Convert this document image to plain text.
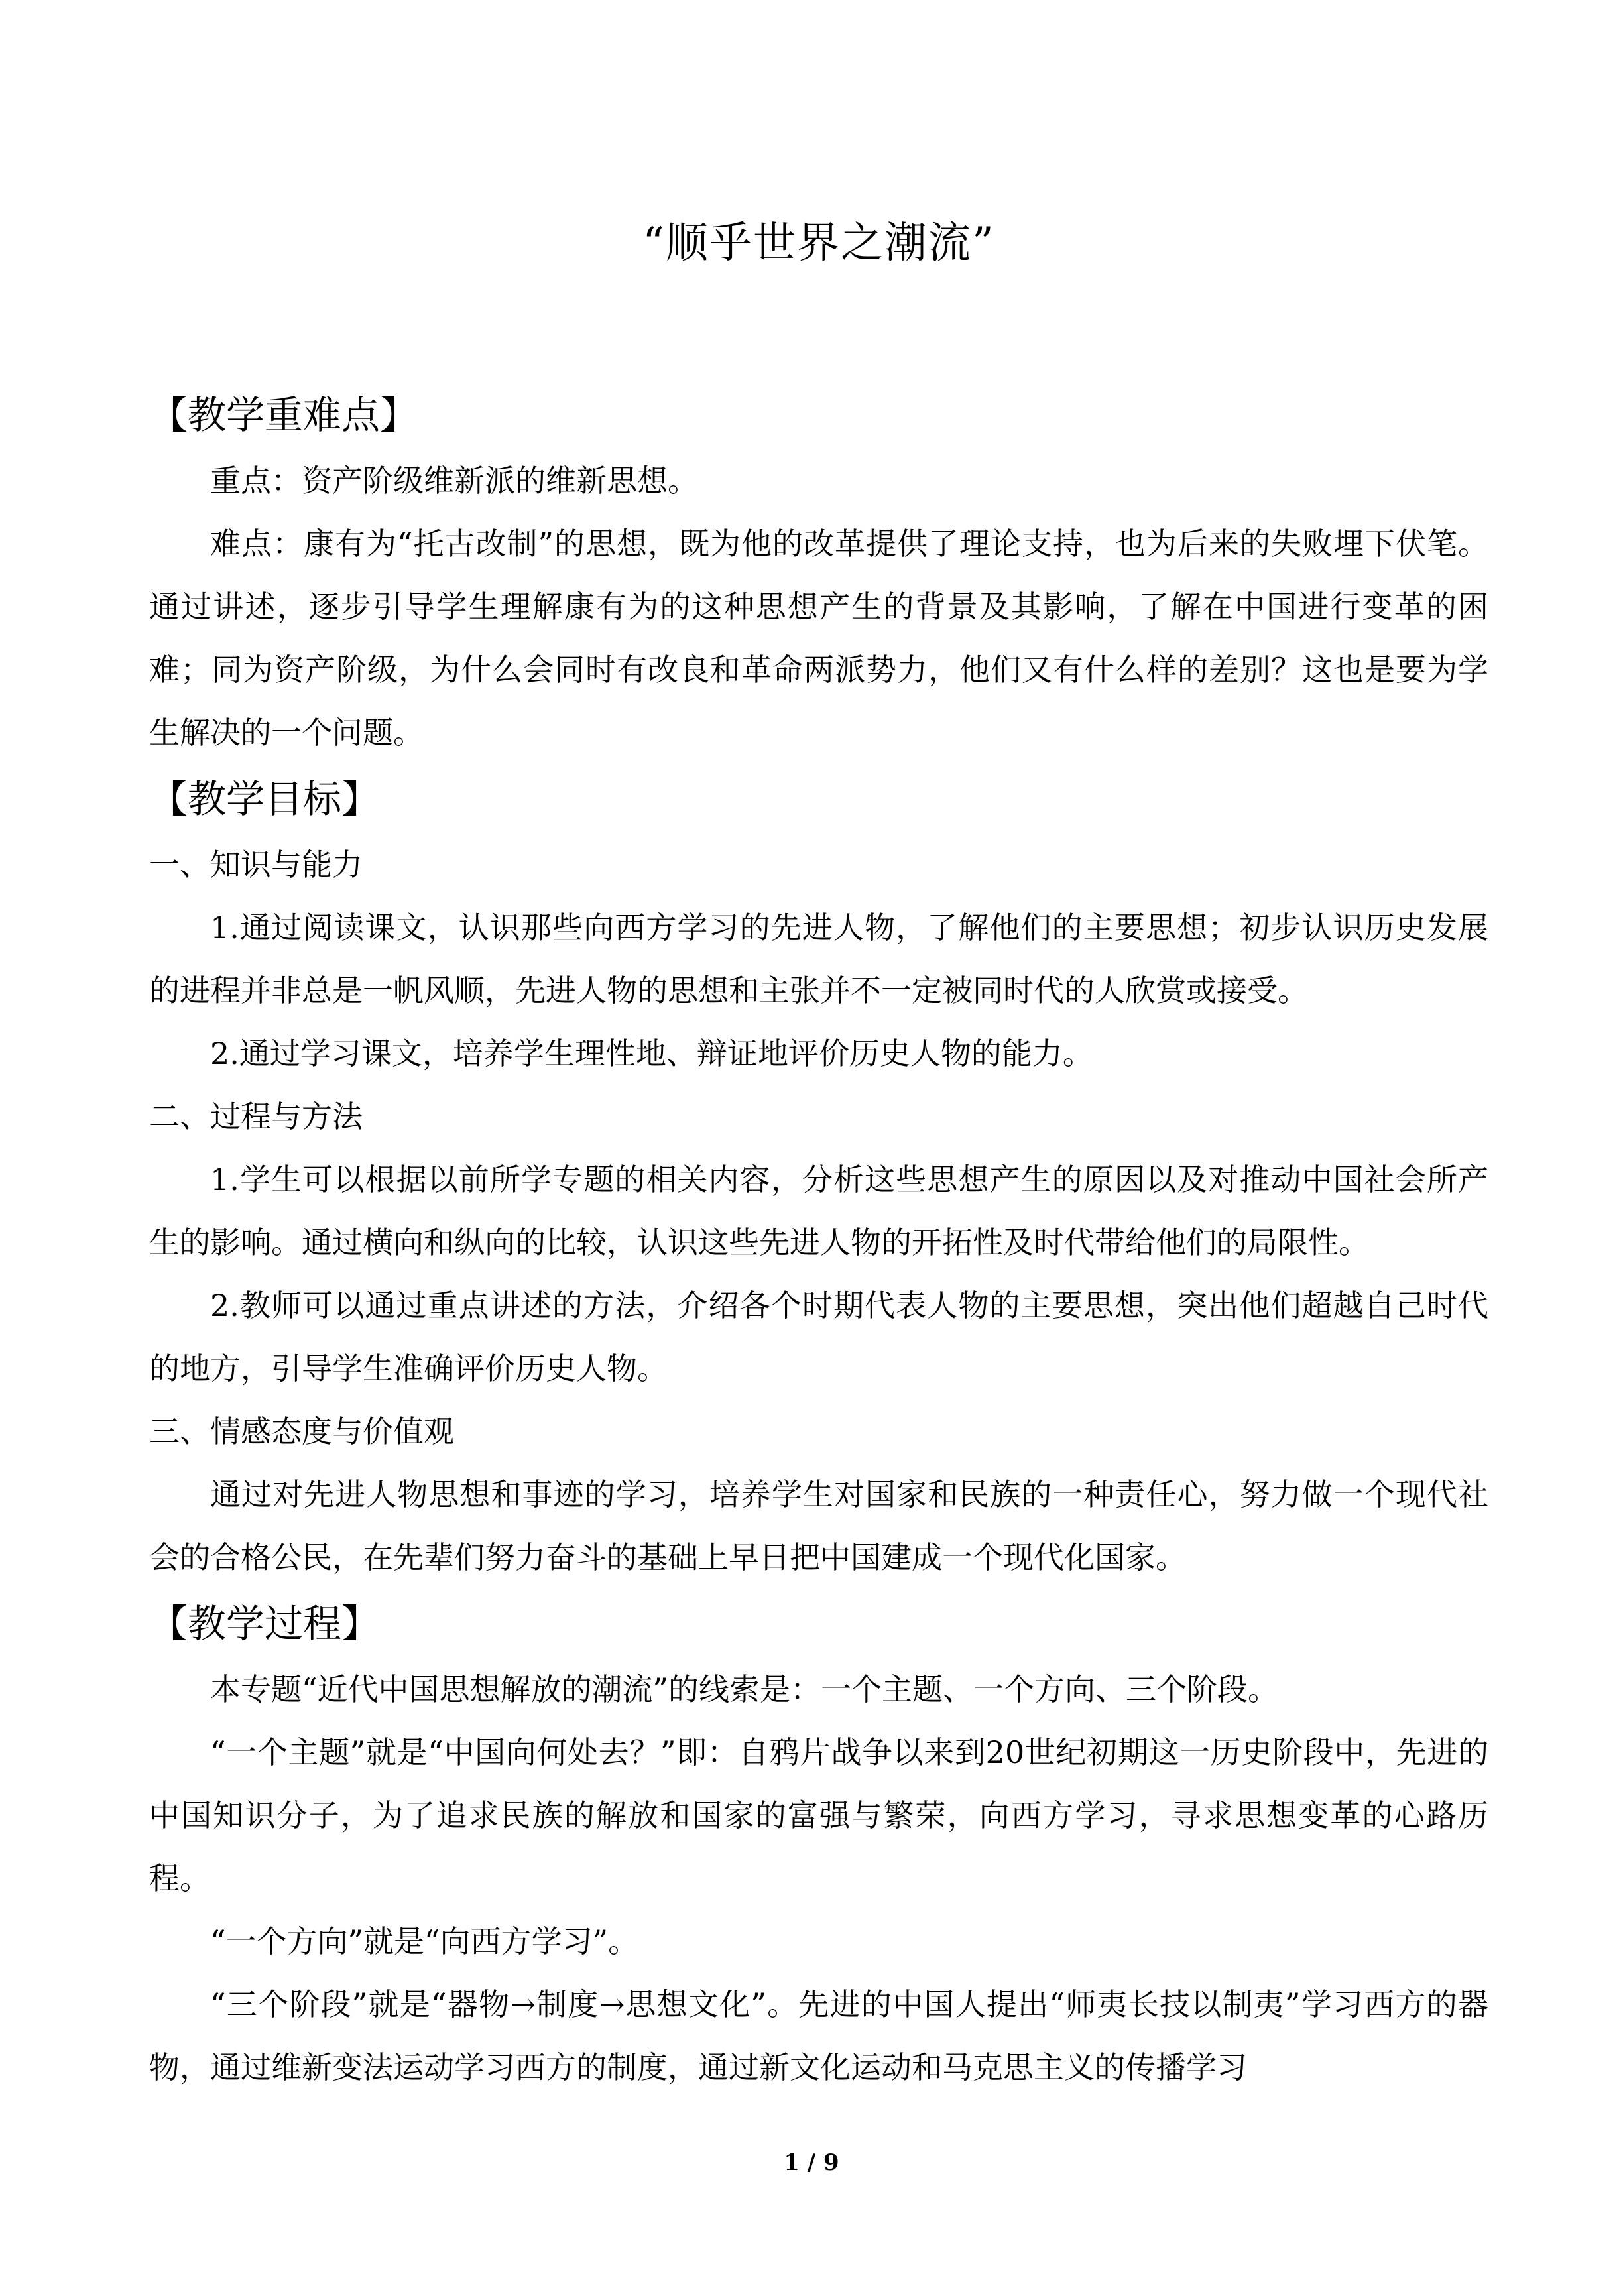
“顺乎世界之潮流”
【教学重难点】

重点：资产阶级维新派的维新思想。

难点：康有为“托古改制”的思想，既为他的改革提供了理论支持，也为后来的失败埋下伏笔。通过讲述，逐步引导学生理解康有为的这种思想产生的背景及其影响，了解在中国进行变革的困难；同为资产阶级，为什么会同时有改良和革命两派势力，他们又有什么样的差别？这也是要为学生解决的一个问题。

【教学目标】
一、知识与能力

1.通过阅读课文，认识那些向西方学习的先进人物，了解他们的主要思想；初步认识历史发展的进程并非总是一帆风顺，先进人物的思想和主张并不一定被同时代的人欣赏或接受。

2.通过学习课文，培养学生理性地、辩证地评价历史人物的能力。

二、过程与方法

1.学生可以根据以前所学专题的相关内容，分析这些思想产生的原因以及对推动中国社会所产生的影响。通过横向和纵向的比较，认识这些先进人物的开拓性及时代带给他们的局限性。

2.教师可以通过重点讲述的方法，介绍各个时期代表人物的主要思想，突出他们超越自己时代的地方，引导学生准确评价历史人物。

三、情感态度与价值观

通过对先进人物思想和事迹的学习，培养学生对国家和民族的一种责任心，努力做一个现代社会的合格公民，在先辈们努力奋斗的基础上早日把中国建成一个现代化国家。

【教学过程】

本专题“近代中国思想解放的潮流”的线索是：一个主题、一个方向、三个阶段。

“一个主题”就是“中国向何处去？”即：自鸦片战争以来到20世纪初期这一历史阶段中，先进的中国知识分子，为了追求民族的解放和国家的富强与繁荣，向西方学习，寻求思想变革的心路历程。

“一个方向”就是“向西方学习”。

“三个阶段”就是“器物→制度→思想文化”。先进的中国人提出“师夷长技以制夷”学习西方的器物，通过维新变法运动学习西方的制度，通过新文化运动和马克思主义的传播学习

1 / 9
